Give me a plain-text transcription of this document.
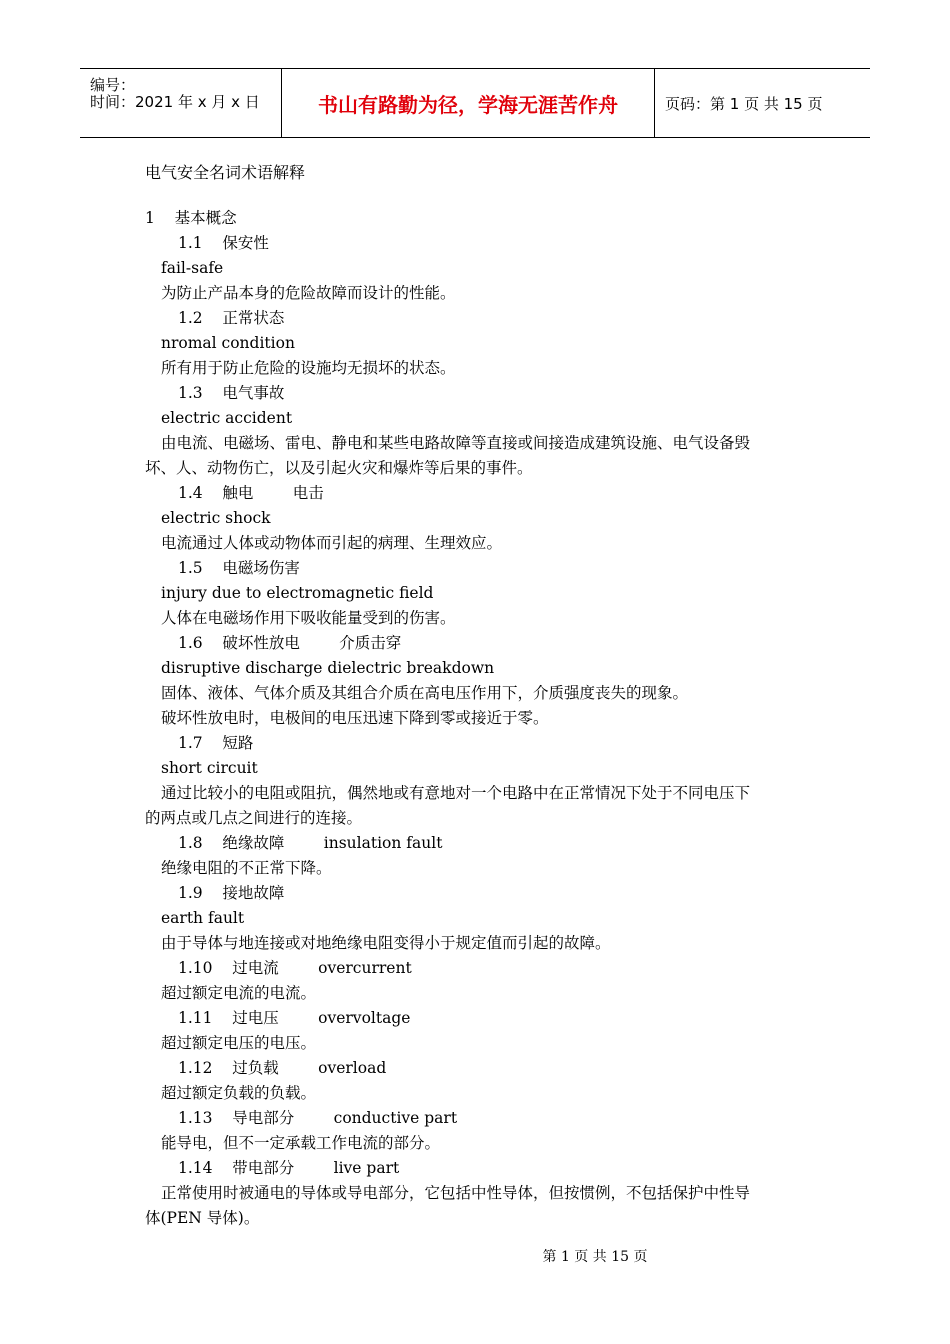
编号：
时间：2021 年 x 月 x 日	书山有路勤为径，学海无涯苦作舟	页码：第 1 页 共 15 页
电气安全名词术语解释
1    基本概念
1.1    保安性
fail-safe
为防止产品本身的危险故障而设计的性能。
1.2    正常状态
nromal condition
所有用于防止危险的设施均无损坏的状态。
1.3    电气事故
electric accident
由电流、电磁场、雷电、静电和某些电路故障等直接或间接造成建筑设施、电气设备毁
坏、人、动物伤亡，以及引起火灾和爆炸等后果的事件。
1.4    触电        电击
electric shock
电流通过人体或动物体而引起的病理、生理效应。
1.5    电磁场伤害
injury due to electromagnetic field
人体在电磁场作用下吸收能量受到的伤害。
1.6    破坏性放电        介质击穿
disruptive discharge dielectric breakdown
固体、液体、气体介质及其组合介质在高电压作用下，介质强度丧失的现象。
破坏性放电时，电极间的电压迅速下降到零或接近于零。
1.7    短路
short circuit
通过比较小的电阻或阻抗，偶然地或有意地对一个电路中在正常情况下处于不同电压下
的两点或几点之间进行的连接。
1.8    绝缘故障        insulation fault
绝缘电阻的不正常下降。
1.9    接地故障
earth fault
由于导体与地连接或对地绝缘电阻变得小于规定值而引起的故障。
1.10    过电流        overcurrent
超过额定电流的电流。
1.11    过电压        overvoltage
超过额定电压的电压。
1.12    过负载        overload
超过额定负载的负载。
1.13    导电部分        conductive part
能导电，但不一定承载工作电流的部分。
1.14    带电部分        live part
正常使用时被通电的导体或导电部分，它包括中性导体，但按惯例，不包括保护中性导
体(PEN 导体)。
第 1 页 共 15 页
